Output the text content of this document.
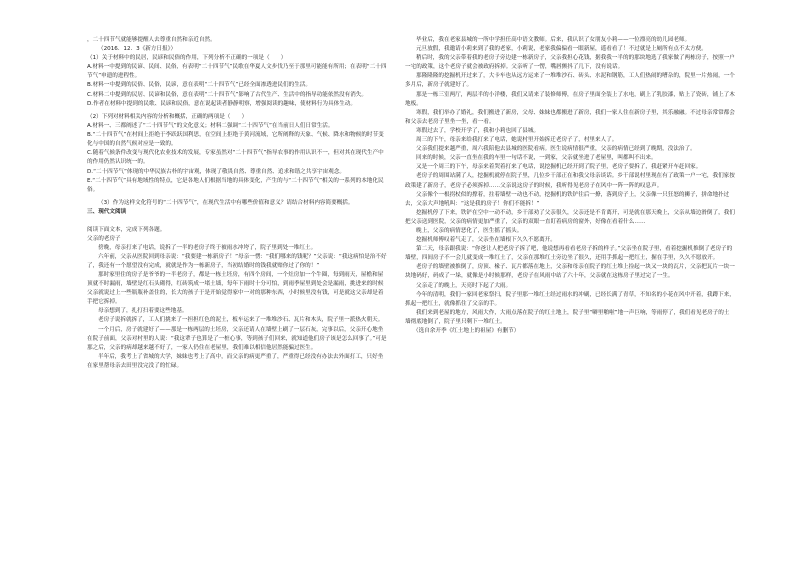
，二十四节气就能够提醒人去尊重自然和亲近自然。

（2016．12．3《新方日报》）

（1）关于材料中的民居，民谚和民俗的作用，下列分析不正确的一项是（　　）

A.材料一中提到的民谚、民间、民俗，有表明“二十四节气”民歌在华夏人文步伐乃至于那里可能能有所用；在表明“二十四节气”申遗的进程性。

B.材料一中提到的民俗、民俗，民谚，意在表明“二十四节气”已经全面渗透进民们的生活。

C.材料二中提到的民居、民谚和民俗，意在表明“二十四节气”影响了古代生产、生活中的指导功能依然没有消失。

D.作者在材料中提到的民歌、民谚和民俗，意在说起读者静静明察，增强阅读的趣味，使材料行为具体生动。

（2）下列对材料相关内容的分析和概括，正确的两项是（　　）

A.材料一、三都阐述了“二十四节气”的文化意义；材料二强调“二十四节气”在当前日人们日常生活。

B.“二十四节气”在村间上拒绝于李跃跃国利思，在空间上拒绝于黄河流域，它所阐释的天象、气候、降水和物候的时节变化与中国的自然气候对应是一致的。

C.随着气候条件改变与现代化农业技术的发展，专家虽然对“二十四节气”指导农事的作用认识不一，但对其在现代生产中的作用仍然认识统一的。

D.“二十四节气”体现的中华民族古朴的宇宙观，体现了敬畏自然、尊重自然、追求和谐之共享宇宙观念。

E.“二十四节气”具有地域性的特点，它是各地人们根据当地的具体变化，产生的与“二十四节气”相关的一系列的本地化民俗。

（3）作为这样文化符号的“二十四节气”，在现代生活中有哪些价值和意义？请结合材料内容简要概括。

三、现代文阅读

阅读下面文本，完成下列各题。

父亲的老房子

傍晚，母亲打来了电话，说拆了一半的老房子终于被雨水冲垮了，院子里到处一堆红土。

六年前，父亲从医院回到母亲说：“我要建一栋新房子！”母亲一愣：“我们哪来的钱呢？”父亲说：“我这病怕是治不好了，我还有一个愿望没有完成，就就是作为一栋新房子，当初结婚时的钱我就赔你过了你的！”

那时家里住的房子是爷爷的一半老房子，都是一栋土坯房，有四个房间，一个灶房加一个牛圈，每到雨天，屋檐和屋顶就不时漏雨，墙壁是红石头砌得，红砖筑成一堵土墙，每年下雨时十分可怕，到雨季屋里到处会是漏雨，挑进来的时候父亲就说过上一些瓶瓶补盖住的，长大的孩子于是开始觉得家中一对的那种东西，小时候里没有钱，可是就这父亲却是着手把它拆掉。

母亲想到了，扎打扫着要这些地基。

老房子说拆就拆了，工人们挑来了一担担红色的泥土，板车运来了一堆堆沙石、瓦片和木头，院子里一派热火朝天。

一个月后，房子就建好了——那是一栋两层的土坯房，父亲还请人在墙壁上刷了一层石灰，完事以后，父亲开心地坐在院子前面，父亲对村里的人说：“我这辈子也算是了一桩心事，等到孩子们回来，就知道他们房子该是怎么回事了。”可是那之后，父亲的病却越来越不好了，一家人仍住在老屋里，我们难以相信他居然能骗过医生。

半年后，我考上了省城的大学，妹妹也考上了高中，而父亲的病更严重了，严重得已经没有办法去外面打工，只好坐在家里帮母亲去田里没完没了的忙碌。

毕业后，我在老家县城的一所中学担任高中语文教师。后来，我认识了女朋友小莉——一位漂亮的幼儿园老师。

元旦放假，我邀请小莉来到了我的老家，小莉说，老家我偏偏看一眼新屋，遥看看了！不过就是上厕所有点不太方便。

稍后时，我的父亲带着我的老房子旁边建一栋新房子，父亲我担心花钱，据我我一半的的那块地选了我家做了两栋房子，按照一户一宅的政策，这个老房子就会被政府拆掉。父亲听了一愣，嘴唇颤抖了几下，没有说话。

那隆隆隆的挖掘机开过来了，大卡车也从远方运来了一堆堆沙石、砖头、水泥和钢筋，工人们热闹的嘈杂的，院里一片热闹，一个多月后，新房子就建好了。

那是一栋三室两厅，两层半的小洋楼，我们又请来了装修师傅，在房子里面全装上了水电，刷上了乳胶漆，贴上了瓷砖，铺上了木地板。

寒假，我们举办了婚礼，我们搬进了新房，父母、妹妹也都搬进了新房，我们一家人住在新房子里，其乐融融。不过母亲常常都会和父亲去老房子里坐一坐，看一看。

寒假过去了，学校开学了，我和小莉也回了县城。

周三的下午，母亲来给我打来了电话，她说村里开始拆迁老房子了，村里来人了。

父亲我们提来越严重，周六我陪他去县城的医院看病。医生说病情很严重，父亲的病情已经到了晚期，没法治了。

回来的时候，父亲一直坐在我的车里一句话不说，一到家，父亲就坐进了老屋里，叫都叫不出来。

又是一个周三的下午，母亲来着哭着打来了电话，说挖掘机已经开到了院子里，老房子要拆了，我赶紧开车赶回家。

老房子的周围站满了人，挖掘机就停在院子里，几位乡干部正在和我父母亲谈话。乡干部说村里现在有了政策一户一宅，我们家按政策建了新房子，老房子必须拆掉……父亲说这房子的时候，我听得见老房子在风中一阵一阵的叹息声。

父亲像个一根拐杖似的撑着，拄着墙壁一动也不动，挖掘机的铁铲往后一撩，落到房子上，父亲像一只狂怒的狮子，拼命地扑过去，父亲大声地吼叫：“这是我的房子！你们不能拆！”

挖掘机停了下来，铁铲在空中一动不动，乡干部劝了父亲很久，父亲还是不肯离开，可是就在那天晚上，父亲从墙边滑倒了，我们把父亲送到医院，父亲的病情更加严重了，父亲的双眼一直盯着病房的窗外，好像在看着什么……

晚上，父亲的病情恶化了，医生摇了摇头。

挖掘机师傅叹着气走了，父亲坐在墙根下久久不愿离开。

第二天，母亲跟我说：“你爸让人把老房子拆了吧，他说想再看看老房子拆的样子。”父亲坐在院子里，看着挖掘机推倒了老房子的墙壁，四间房子不一会儿就变成一堆红土了，父亲在那堆红土旁边坐了很久，还用手抓起一把红土，握在手里，久久不愿放开。

老房子的墙壁被推倒了，房顶、椽子、瓦片都落在地上，父亲和母亲在院子的红土堆上捡起一块又一块的瓦片，父亲把瓦片一块一块地码好，码成了一垛，就像是小时候那样，老房子在风雨中站了六十年，父亲就在这栋房子里过完了一生。

父亲走了的晚上，天亮时下起了大雨。

今年的清明，我们一家回老家祭扫，院子里那一堆红土经过雨水的冲刷，已经长满了青草，不知名的小花在风中开着，我蹲下来，抓起一把红土，就像抓住了父亲的手。

我们来到老屋的地方，风雨大作，大雨点落在院子的红土地上，院子里“噼里啪啦”地一声巨响，等雨停了，我们看见老房子的土墙彻底地倒了，院子里只剩下一堆红土。

（选自余开季《红土地上的祖屋》有删节）
